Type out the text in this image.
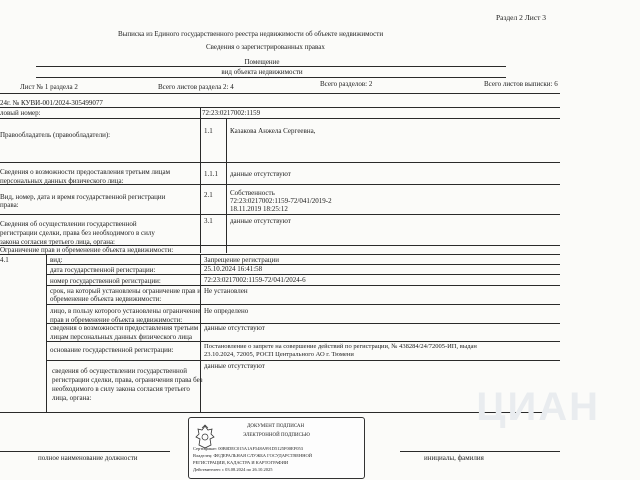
Раздел 2 Лист 3
Выписка из Единого государственного реестра недвижимости об объекте недвижимости
Сведения о зарегистрированных правах
Помещение
вид объекта недвижимости
Лист № 1 раздела 2	Всего листов раздела 2: 4	Всего разделов: 2	Всего листов выписки: 6
24г. № КУВИ-001/2024-305499077
ловый номер:	72:23:0217002:1159
Правообладатель (правообладатели):	1.1 Казакова Анжела Сергеевна,
Сведения о возможности предоставления третьим лицам
персональных данных физического лица:
1.1.1 данные отсутствуют
Вид, номер, дата и время государственной регистрации
права:
2.1 Собственность
72:23:0217002:1159-72/041/2019-2
18.11.2019 18:25:12
Сведения об осуществлении государственной
регистрации сделки, права без необходимого в силу
закона согласия третьего лица, органа:
3.1 данные отсутствуют
Ограничение прав и обременение объекта недвижимости:
4.1	вид:	Запрещение регистрации
дата государственной регистрации:	25.10.2024 16:41:58
номер государственной регистрации:	72:23:0217002:1159-72/041/2024-6
срок, на который установлены ограничение прав и
обременение объекта недвижимости:
Не установлен
лицо, в пользу которого установлены ограничение
прав и обременение объекта недвижимости:
Не определено
сведения о возможности предоставления третьим
лицам персональных данных физического лица
данные отсутствуют
основание государственной регистрации:	Постановление о запрете на совершение действий по регистрации, № 438284/24/72005-ИП, выдан
23.10.2024, 72005, РОСП Центрального АО г. Тюмени
сведения об осуществлении государственной
регистрации сделки, права, ограничения права без
необходимого в силу закона согласия третьего
лица, органа:
данные отсутствуют
ЦИАН
полное наименование должности	инициалы, фамилия
ДОКУМЕНТ ПОДПИСАН
ЭЛЕКТРОННОЙ ПОДПИСЬЮ
Сертификат: 00B0DEC015A1AF548A991D5125F00EF053
Владелец: ФЕДЕРАЛЬНАЯ СЛУЖБА ГОСУДАРСТВЕННОЙ
РЕГИСТРАЦИИ, КАДАСТРА И КАРТОГРАФИИ
Действителен: с 03.08.2024 по 26.10.2025
